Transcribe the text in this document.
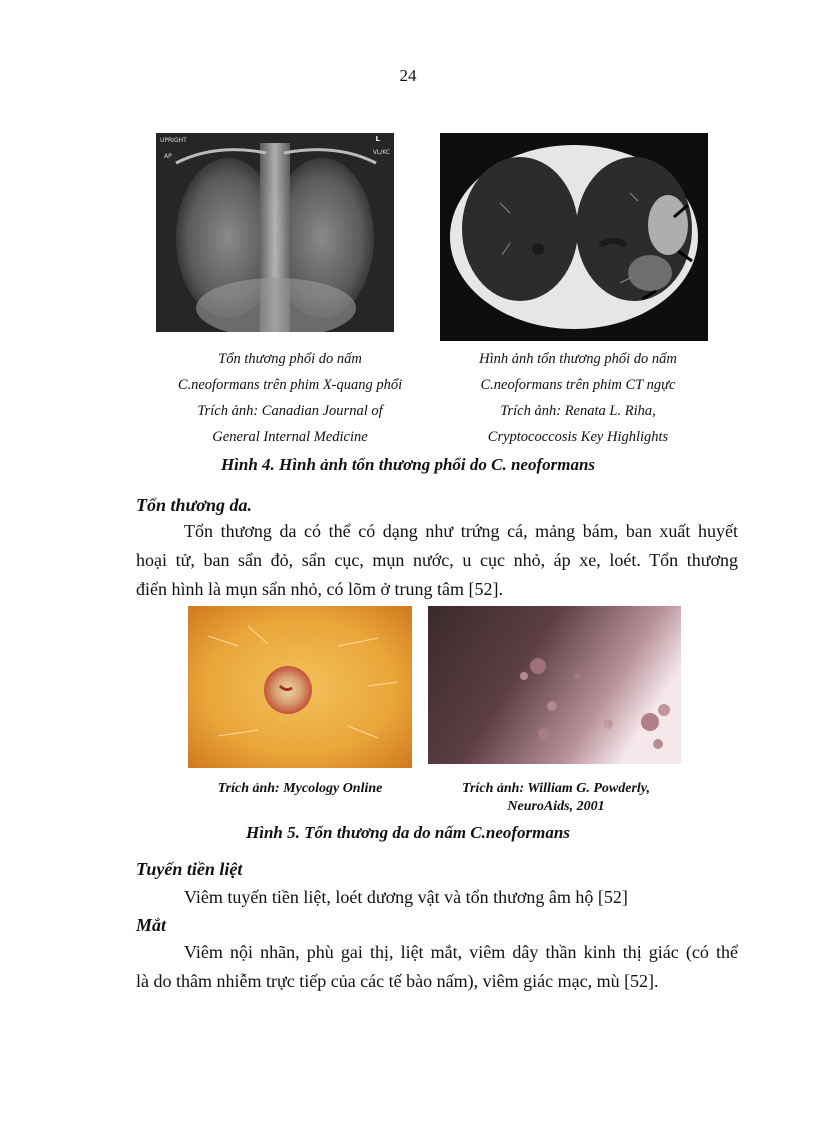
24
UPRIGHT
AP
L
VL/KC
Tổn thương phổi do nấm
C.neoformans trên phim X-quang phổi
Trích ảnh: Canadian Journal of
General Internal Medicine
Hình ảnh tổn thương phổi do nấm
C.neoformans trên phim CT ngực
Trích ảnh: Renata L. Riha,
Cryptococcosis Key Highlights
Hình 4. Hình ảnh tổn thương phổi do C. neoformans
Tổn thương da.
Tổn thương da có thể có dạng như trứng cá, mảng bám, ban xuất huyết
hoại tử, ban sẩn đỏ, sẩn cục, mụn nước, u cục nhỏ, áp xe, loét. Tổn thương
điển hình là mụn sẩn nhỏ, có lõm ở trung tâm [52].
Trích ảnh: Mycology Online	Trích ảnh: William G. Powderly,
NeuroAids, 2001
Hình 5. Tổn thương da do nấm C.neoformans
Tuyến tiền liệt
Viêm tuyến tiền liệt, loét dương vật và tổn thương âm hộ [52]
Mắt
Viêm nội nhãn, phù gai thị, liệt mắt, viêm dây thần kinh thị giác (có thể
là do thâm nhiễm trực tiếp của các tế bào nấm), viêm giác mạc, mù [52].
